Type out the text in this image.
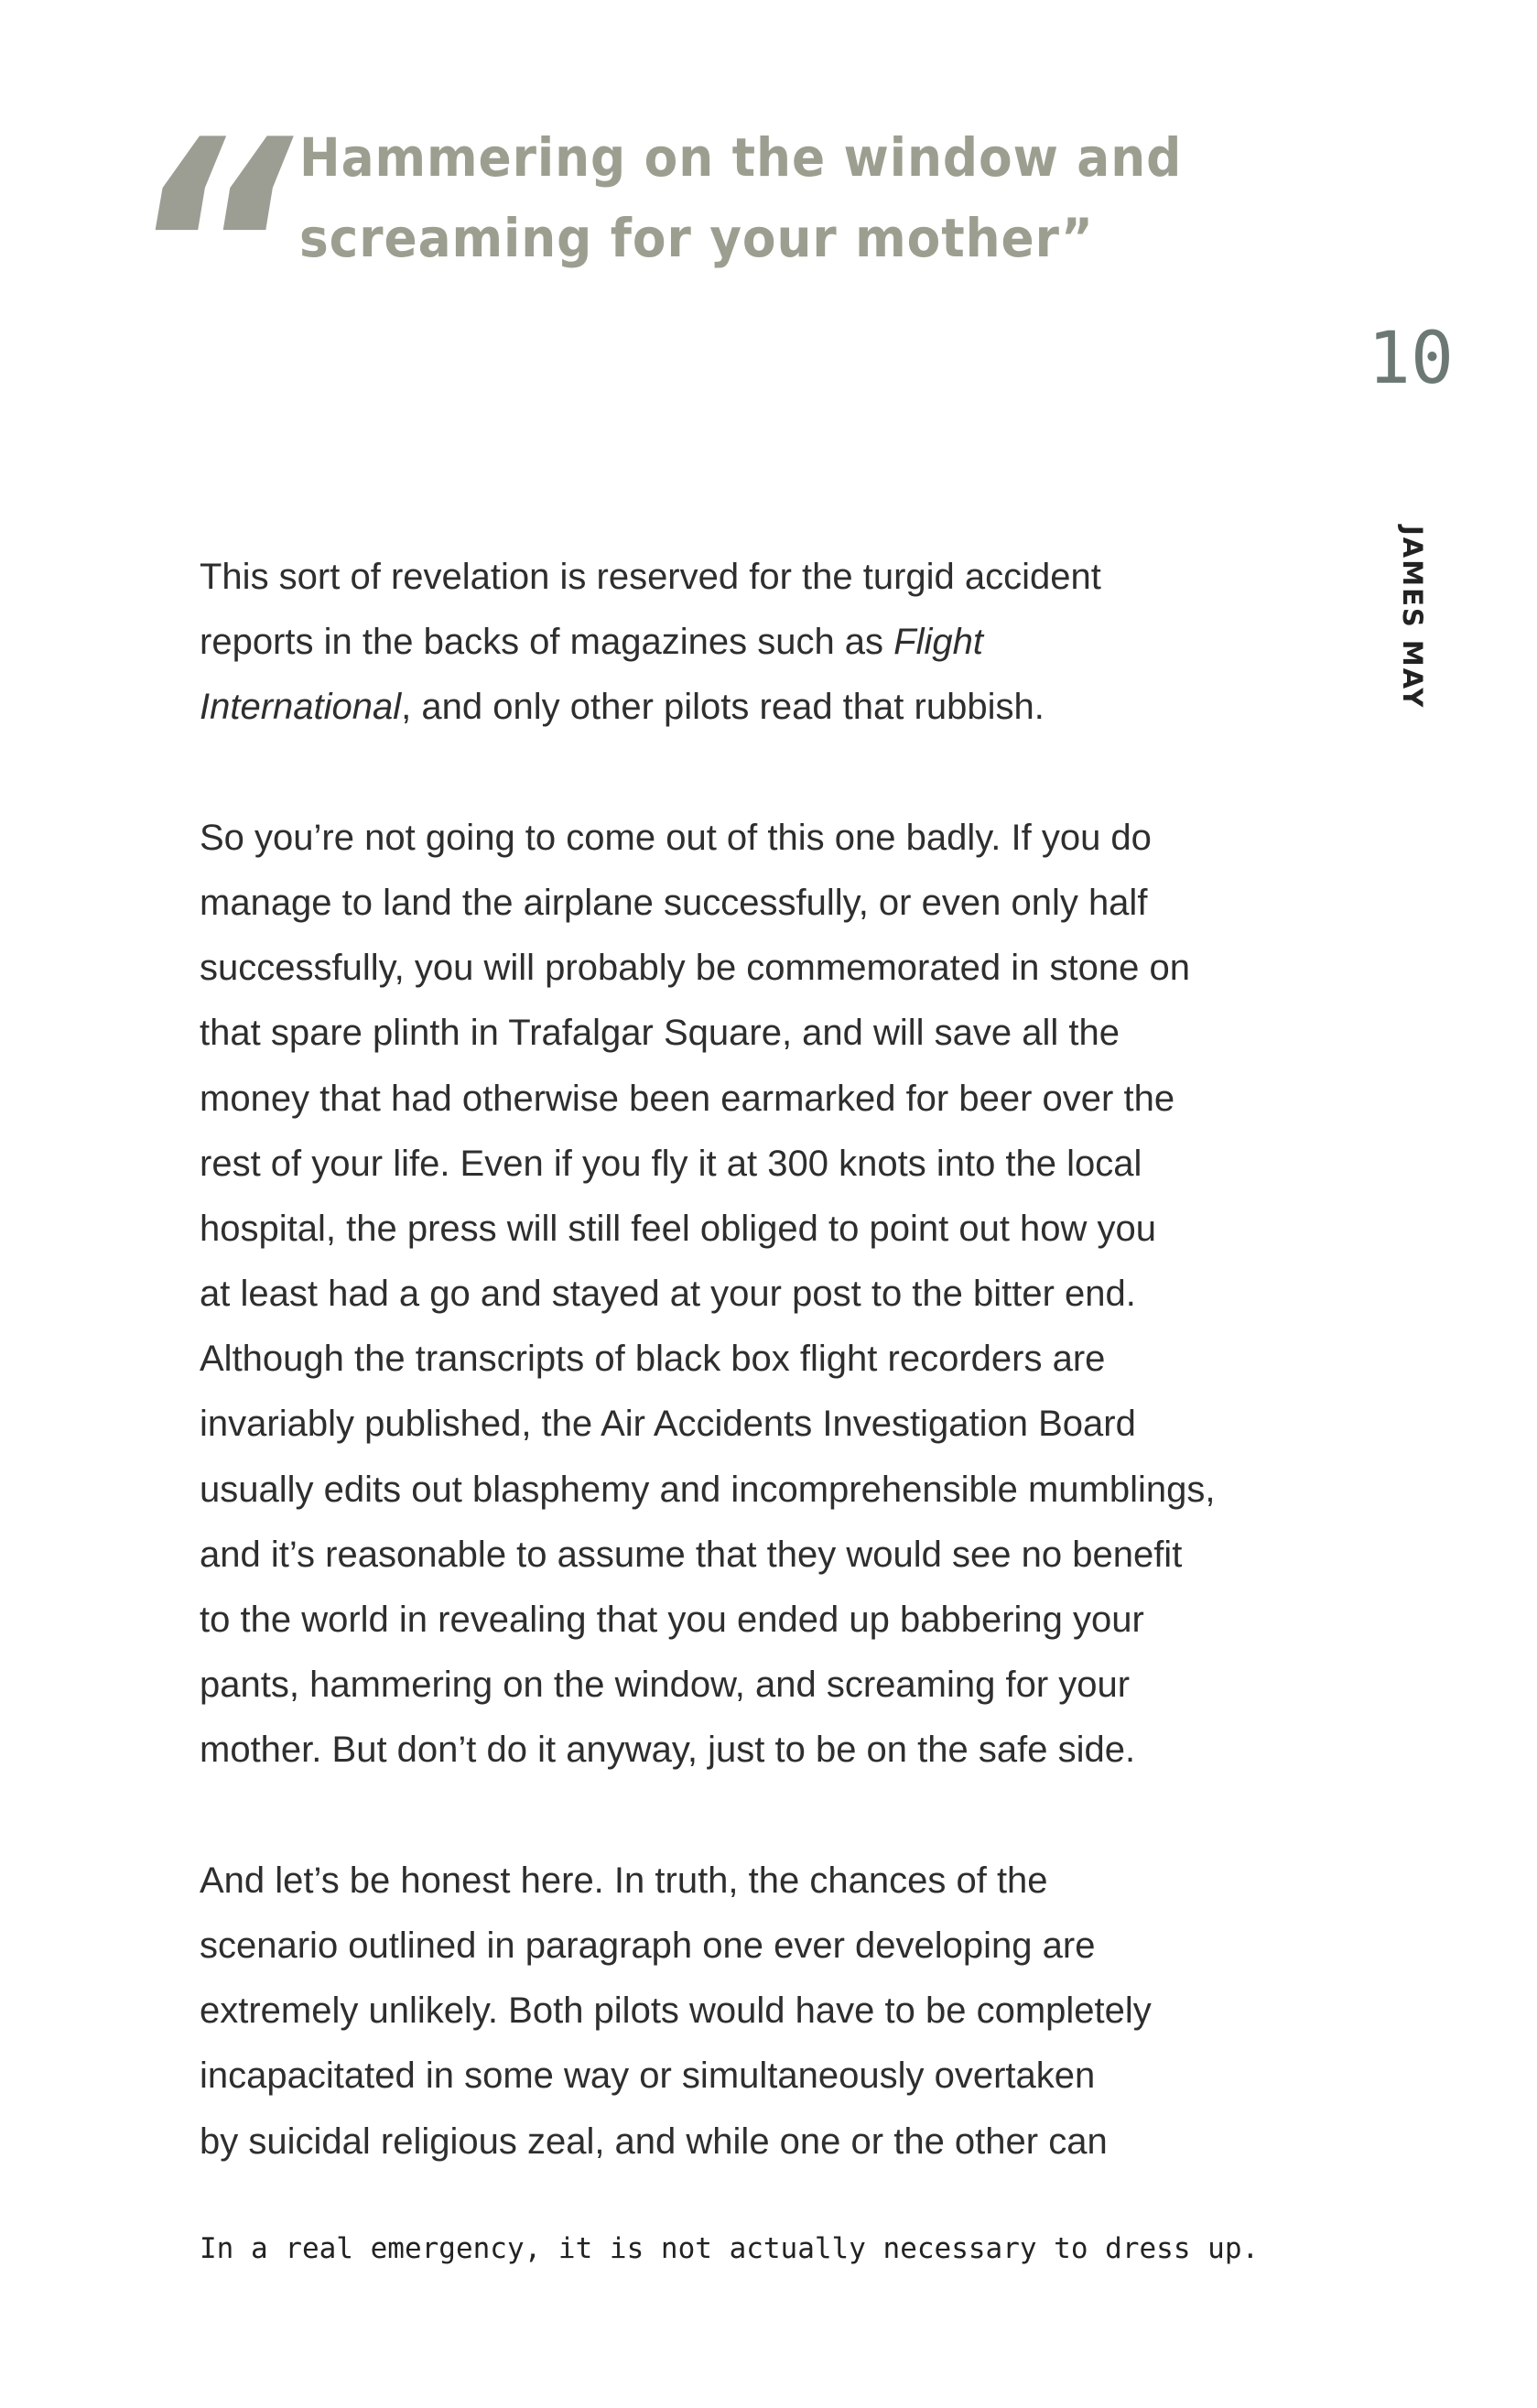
“ Hammering on the window and
screaming for your mother”
10
JAMES MAY
This sort of revelation is reserved for the turgid accident
reports in the backs of magazines such as Flight
International, and only other pilots read that rubbish.
So you’re not going to come out of this one badly. If you do
manage to land the airplane successfully, or even only half
successfully, you will probably be commemorated in stone on
that spare plinth in Trafalgar Square, and will save all the
money that had otherwise been earmarked for beer over the
rest of your life. Even if you fly it at 300 knots into the local
hospital, the press will still feel obliged to point out how you
at least had a go and stayed at your post to the bitter end.
Although the transcripts of black box flight recorders are
invariably published, the Air Accidents Investigation Board
usually edits out blasphemy and incomprehensible mumblings,
and it’s reasonable to assume that they would see no benefit
to the world in revealing that you ended up babbering your
pants, hammering on the window, and screaming for your
mother. But don’t do it anyway, just to be on the safe side.
And let’s be honest here. In truth, the chances of the
scenario outlined in paragraph one ever developing are
extremely unlikely. Both pilots would have to be completely
incapacitated in some way or simultaneously overtaken
by suicidal religious zeal, and while one or the other can
In a real emergency, it is not actually necessary to dress up.
